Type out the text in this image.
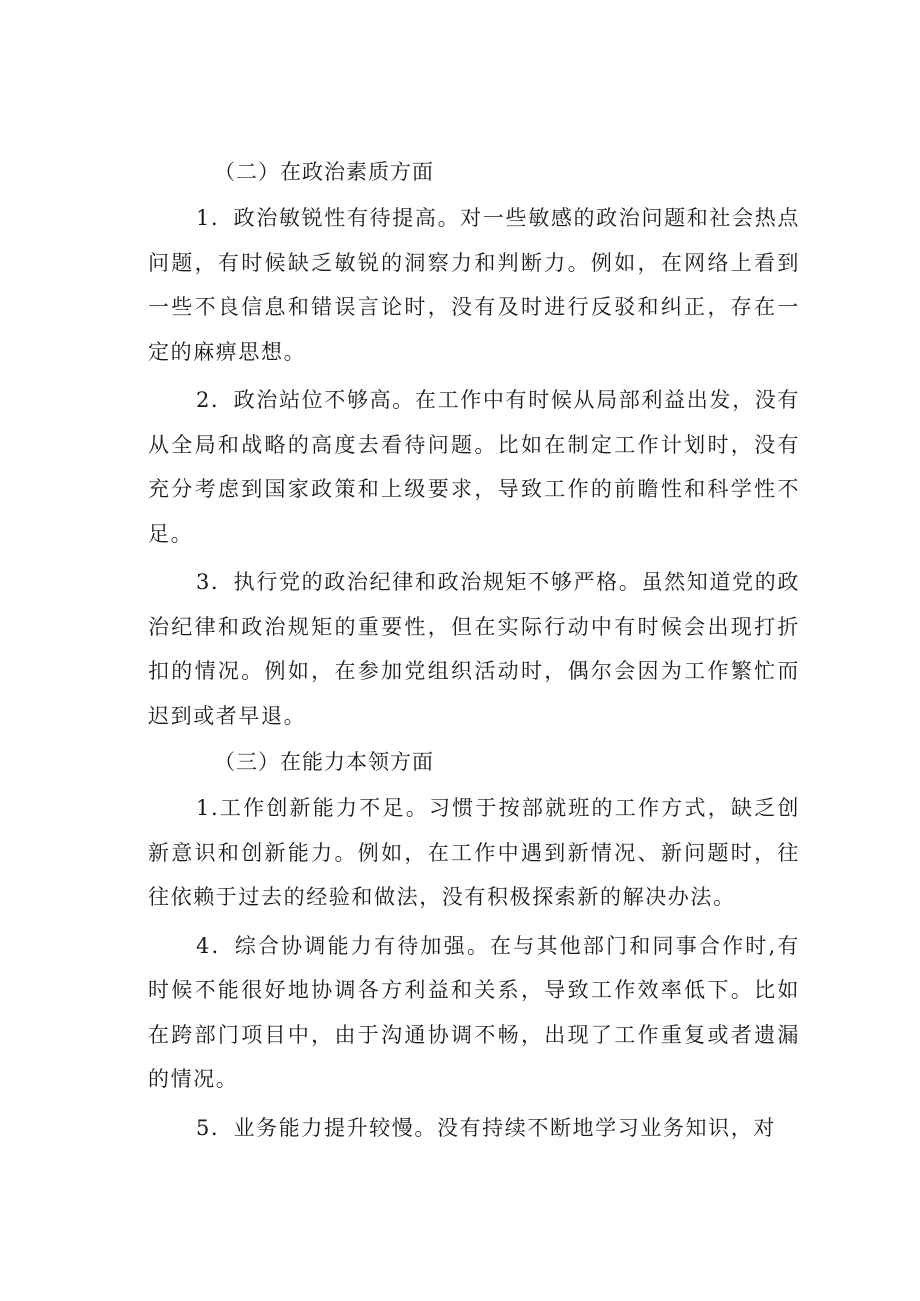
（二）在政治素质方面

1．政治敏锐性有待提高。对一些敏感的政治问题和社会热点问题，有时候缺乏敏锐的洞察力和判断力。例如，在网络上看到一些不良信息和错误言论时，没有及时进行反驳和纠正，存在一定的麻痹思想。

2．政治站位不够高。在工作中有时候从局部利益出发，没有从全局和战略的高度去看待问题。比如在制定工作计划时，没有充分考虑到国家政策和上级要求，导致工作的前瞻性和科学性不足。

3．执行党的政治纪律和政治规矩不够严格。虽然知道党的政治纪律和政治规矩的重要性，但在实际行动中有时候会出现打折扣的情况。例如，在参加党组织活动时，偶尔会因为工作繁忙而迟到或者早退。

（三）在能力本领方面

1.工作创新能力不足。习惯于按部就班的工作方式，缺乏创新意识和创新能力。例如，在工作中遇到新情况、新问题时，往往依赖于过去的经验和做法，没有积极探索新的解决办法。

4．综合协调能力有待加强。在与其他部门和同事合作时,有时候不能很好地协调各方利益和关系，导致工作效率低下。比如在跨部门项目中，由于沟通协调不畅，出现了工作重复或者遗漏的情况。

5．业务能力提升较慢。没有持续不断地学习业务知识，对
